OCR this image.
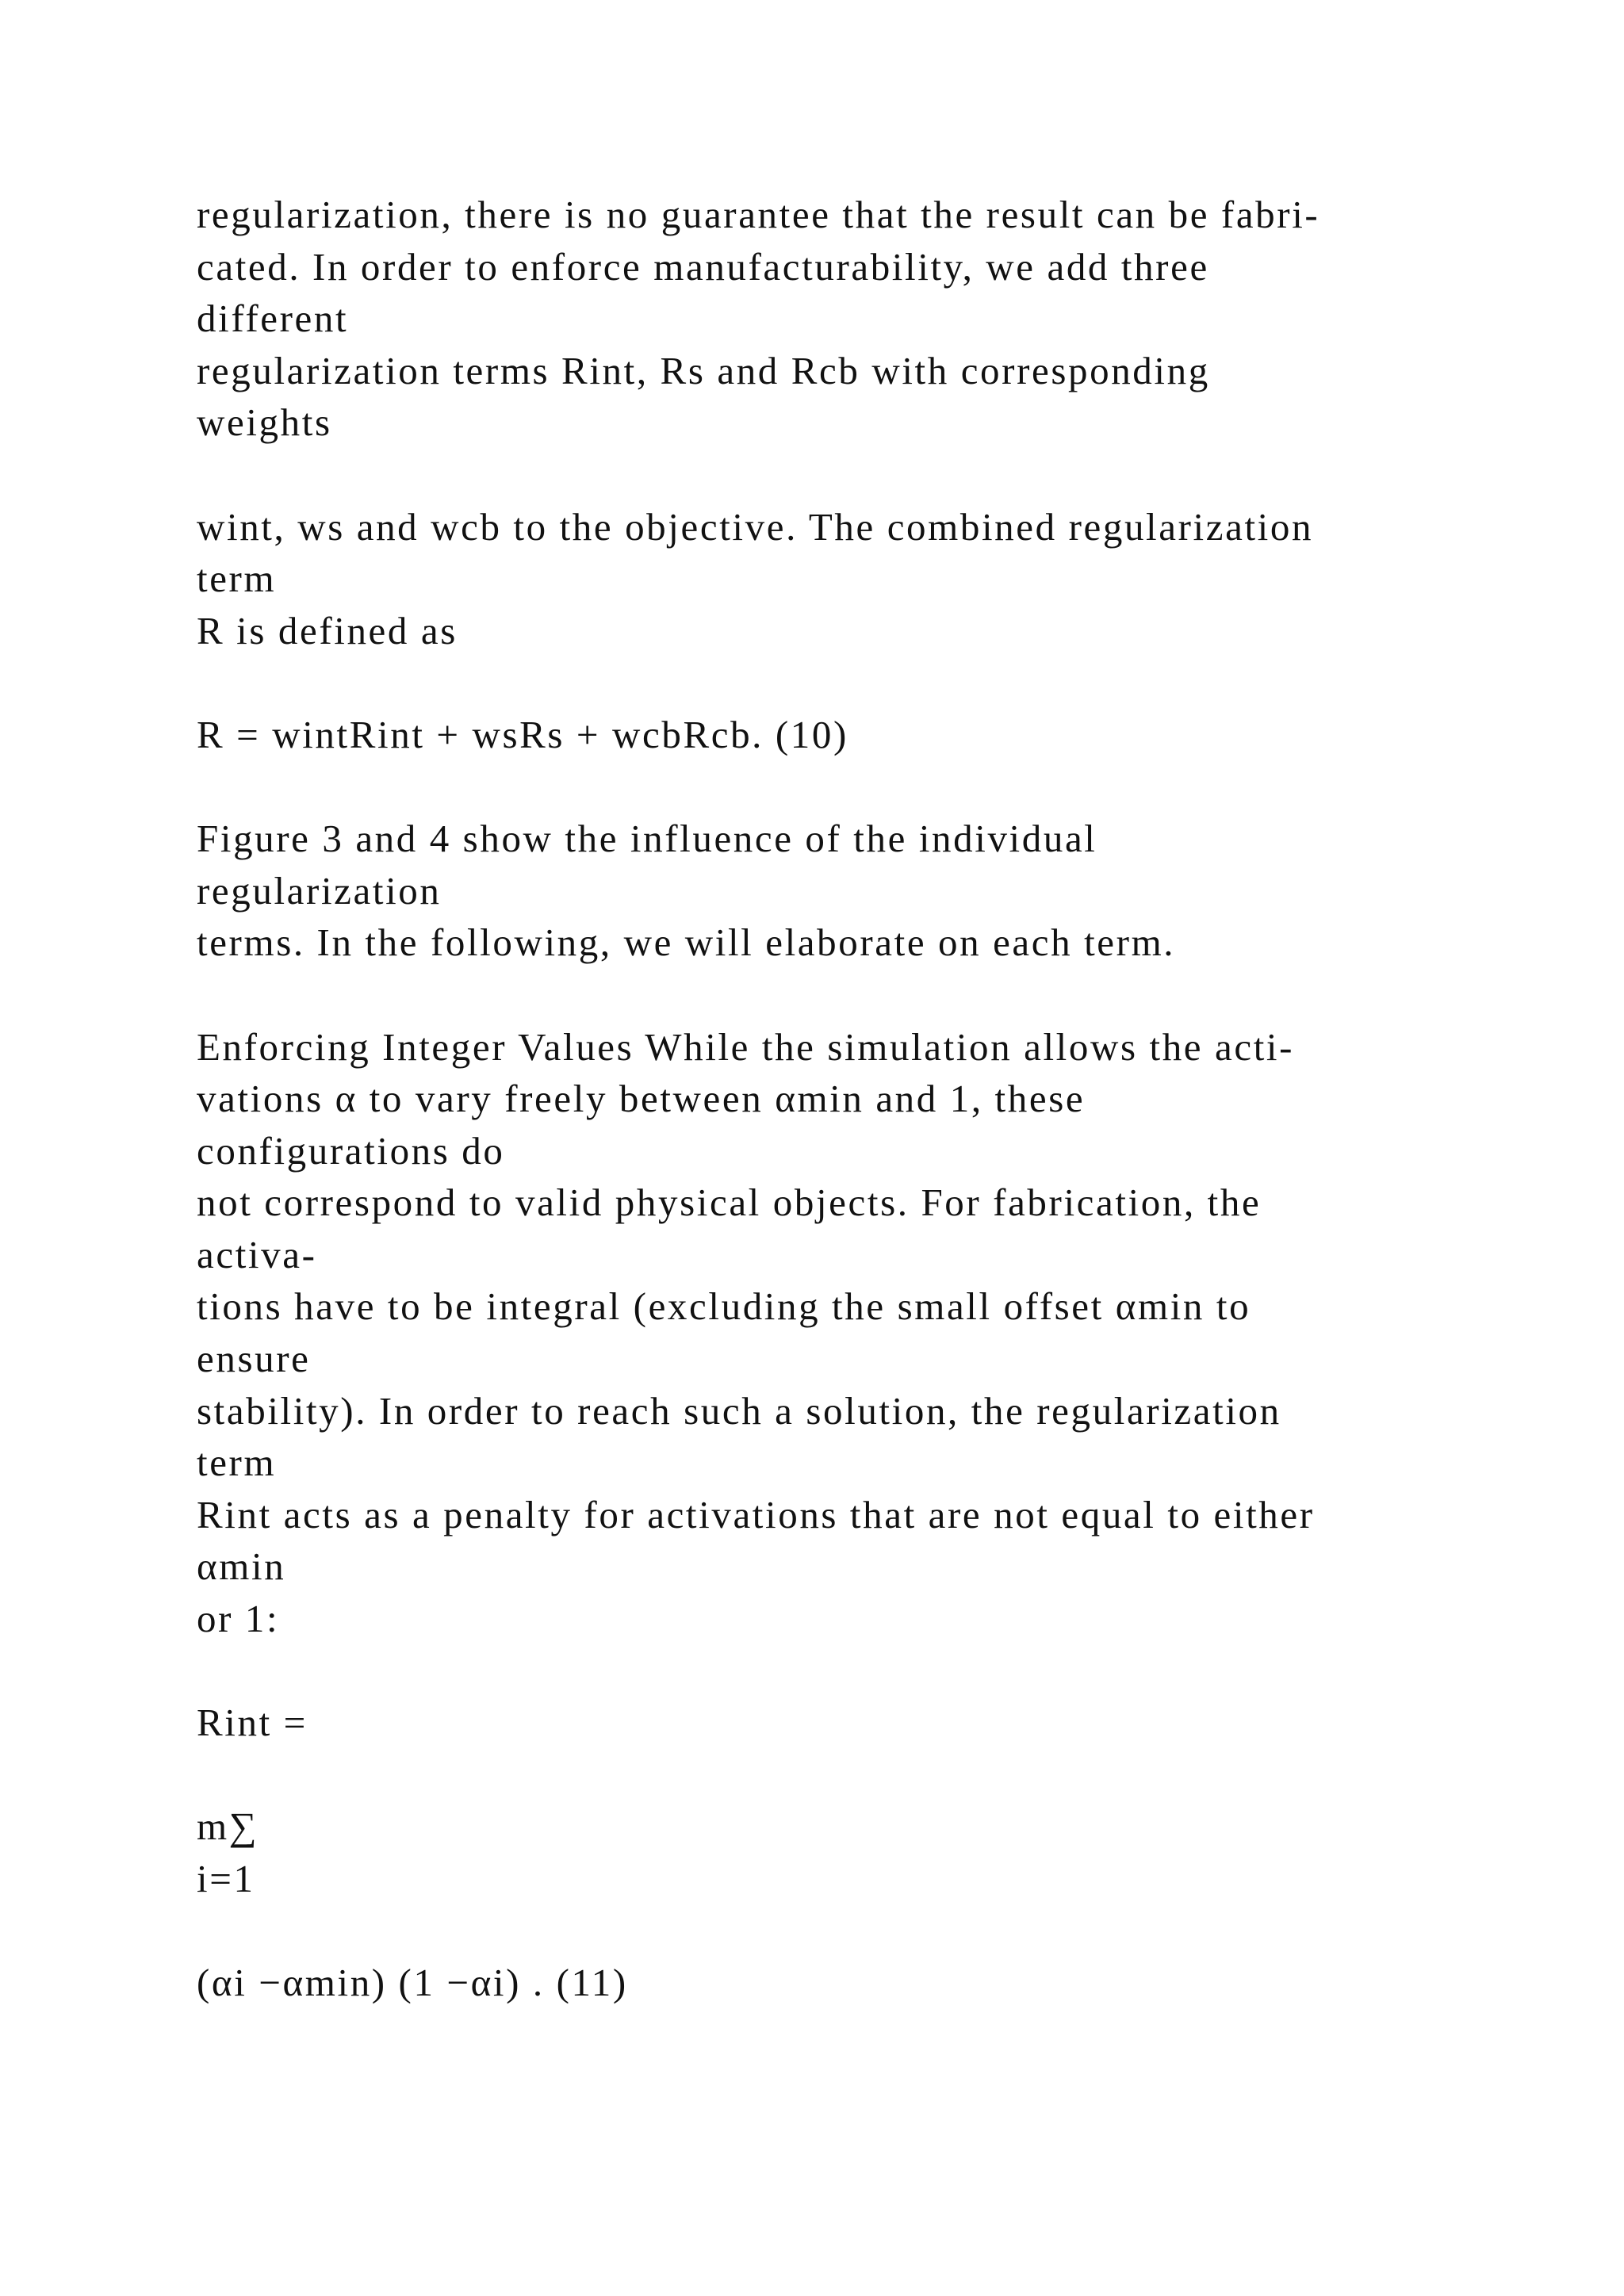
regularization, there is no guarantee that the result can be fabri-
cated. In order to enforce manufacturability, we add three
different
regularization terms Rint, Rs and Rcb with corresponding
weights
wint, ws and wcb to the objective. The combined regularization
term
R is defined as
R = wintRint + wsRs + wcbRcb. (10)
Figure 3 and 4 show the influence of the individual
regularization
terms. In the following, we will elaborate on each term.
Enforcing Integer Values While the simulation allows the acti-
vations α to vary freely between αmin and 1, these
configurations do
not correspond to valid physical objects. For fabrication, the
activa-
tions have to be integral (excluding the small offset αmin to
ensure
stability). In order to reach such a solution, the regularization
term
Rint acts as a penalty for activations that are not equal to either
αmin
or 1:
Rint =
m∑
i=1
(αi −αmin) (1 −αi) . (11)
